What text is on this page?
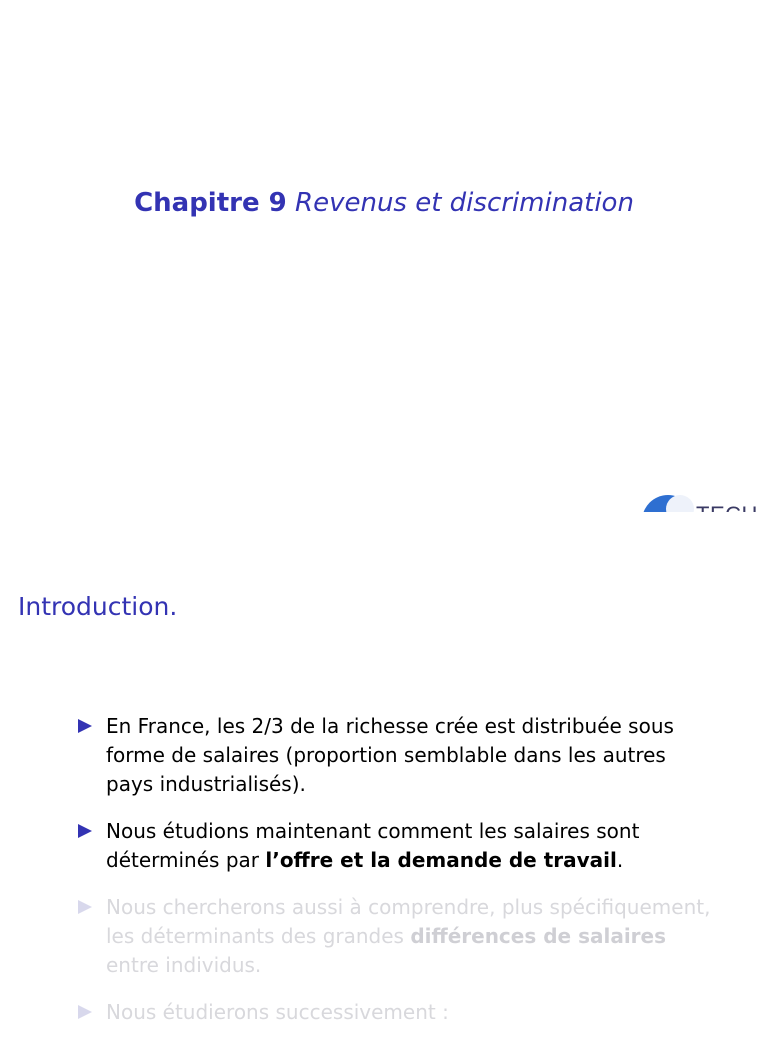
Chapitre 9 Revenus et discrimination
Introduction.
En France, les 2/3 de la richesse crée est distribuée sous forme de salaires (proportion semblable dans les autres pays industrialisés).
Nous étudions maintenant comment les salaires sont déterminés par l’offre et la demande de travail.
Nous chercherons aussi à comprendre, plus spécifiquement, les déterminants des grandes différences de salaires entre individus.
Nous étudierons successivement :
